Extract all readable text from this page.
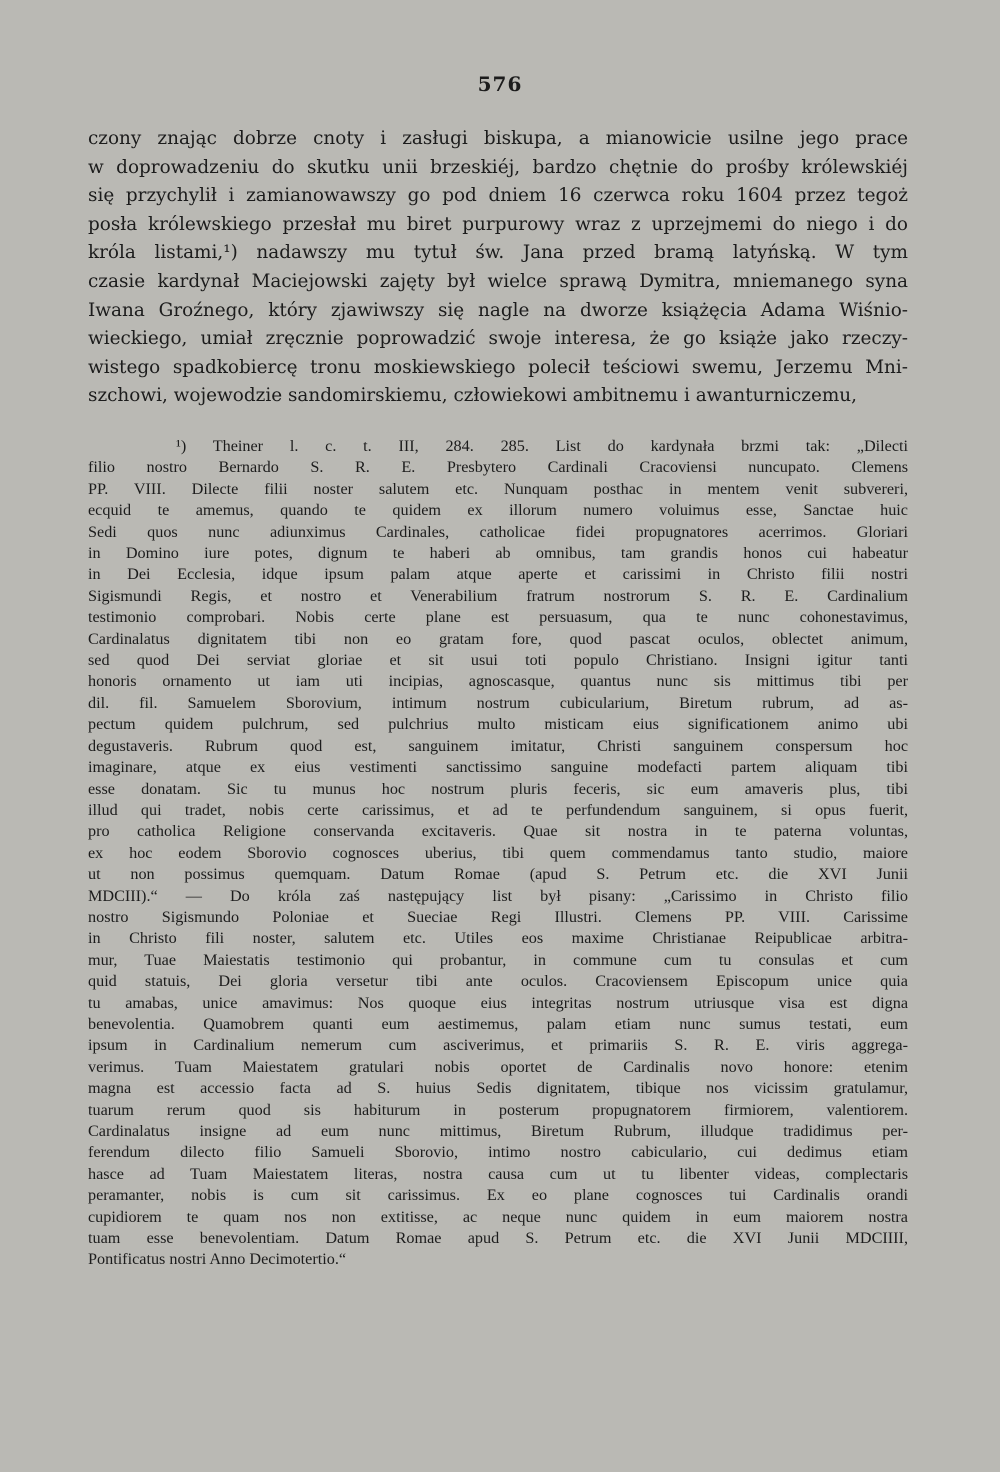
576
czony znając dobrze cnoty i zasługi biskupa, a mianowicie usilne jego prace
w doprowadzeniu do skutku unii brzeskiéj, bardzo chętnie do prośby królewskiéj
się przychylił i zamianowawszy go pod dniem 16 czerwca roku 1604 przez tegoż
posła królewskiego przesłał mu biret purpurowy wraz z uprzejmemi do niego i do
króla listami,¹) nadawszy mu tytuł św. Jana przed bramą latyńską. W tym
czasie kardynał Maciejowski zajęty był wielce sprawą Dymitra, mniemanego syna
Iwana Groźnego, który zjawiwszy się nagle na dworze książęcia Adama Wiśnio-
wieckiego, umiał zręcznie poprowadzić swoje interesa, że go książe jako rzeczy-
wistego spadkobiercę tronu moskiewskiego polecił teściowi swemu, Jerzemu Mni-
szchowi, wojewodzie sandomirskiemu, człowiekowi ambitnemu i awanturniczemu,
¹) Theiner l. c. t. III, 284. 285. List do kardynała brzmi tak: „Dilecti
filio nostro Bernardo S. R. E. Presbytero Cardinali Cracoviensi nuncupato. Clemens
PP. VIII. Dilecte filii noster salutem etc. Nunquam posthac in mentem venit subvereri,
ecquid te amemus, quando te quidem ex illorum numero voluimus esse, Sanctae huic
Sedi quos nunc adiunximus Cardinales, catholicae fidei propugnatores acerrimos. Gloriari
in Domino iure potes, dignum te haberi ab omnibus, tam grandis honos cui habeatur
in Dei Ecclesia, idque ipsum palam atque aperte et carissimi in Christo filii nostri
Sigismundi Regis, et nostro et Venerabilium fratrum nostrorum S. R. E. Cardinalium
testimonio comprobari. Nobis certe plane est persuasum, qua te nunc cohonestavimus,
Cardinalatus dignitatem tibi non eo gratam fore, quod pascat oculos, oblectet animum,
sed quod Dei serviat gloriae et sit usui toti populo Christiano. Insigni igitur tanti
honoris ornamento ut iam uti incipias, agnoscasque, quantus nunc sis mittimus tibi per
dil. fil. Samuelem Sborovium, intimum nostrum cubicularium, Biretum rubrum, ad as-
pectum quidem pulchrum, sed pulchrius multo misticam eius significationem animo ubi
degustaveris. Rubrum quod est, sanguinem imitatur, Christi sanguinem conspersum hoc
imaginare, atque ex eius vestimenti sanctissimo sanguine modefacti partem aliquam tibi
esse donatam. Sic tu munus hoc nostrum pluris feceris, sic eum amaveris plus, tibi
illud qui tradet, nobis certe carissimus, et ad te perfundendum sanguinem, si opus fuerit,
pro catholica Religione conservanda excitaveris. Quae sit nostra in te paterna voluntas,
ex hoc eodem Sborovio cognosces uberius, tibi quem commendamus tanto studio, maiore
ut non possimus quemquam. Datum Romae (apud S. Petrum etc. die XVI Junii
MDCIII).“ — Do króla zaś następujący list był pisany: „Carissimo in Christo filio
nostro Sigismundo Poloniae et Sueciae Regi Illustri. Clemens PP. VIII. Carissime
in Christo fili noster, salutem etc. Utiles eos maxime Christianae Reipublicae arbitra-
mur, Tuae Maiestatis testimonio qui probantur, in commune cum tu consulas et cum
quid statuis, Dei gloria versetur tibi ante oculos. Cracoviensem Episcopum unice quia
tu amabas, unice amavimus: Nos quoque eius integritas nostrum utriusque visa est digna
benevolentia. Quamobrem quanti eum aestimemus, palam etiam nunc sumus testati, eum
ipsum in Cardinalium nemerum cum asciverimus, et primariis S. R. E. viris aggrega-
verimus. Tuam Maiestatem gratulari nobis oportet de Cardinalis novo honore: etenim
magna est accessio facta ad S. huius Sedis dignitatem, tibique nos vicissim gratulamur,
tuarum rerum quod sis habiturum in posterum propugnatorem firmiorem, valentiorem.
Cardinalatus insigne ad eum nunc mittimus, Biretum Rubrum, illudque tradidimus per-
ferendum dilecto filio Samueli Sborovio, intimo nostro cabiculario, cui dedimus etiam
hasce ad Tuam Maiestatem literas, nostra causa cum ut tu libenter videas, complectaris
peramanter, nobis is cum sit carissimus. Ex eo plane cognosces tui Cardinalis orandi
cupidiorem te quam nos non extitisse, ac neque nunc quidem in eum maiorem nostra
tuam esse benevolentiam. Datum Romae apud S. Petrum etc. die XVI Junii MDCIIII,
Pontificatus nostri Anno Decimotertio.“
